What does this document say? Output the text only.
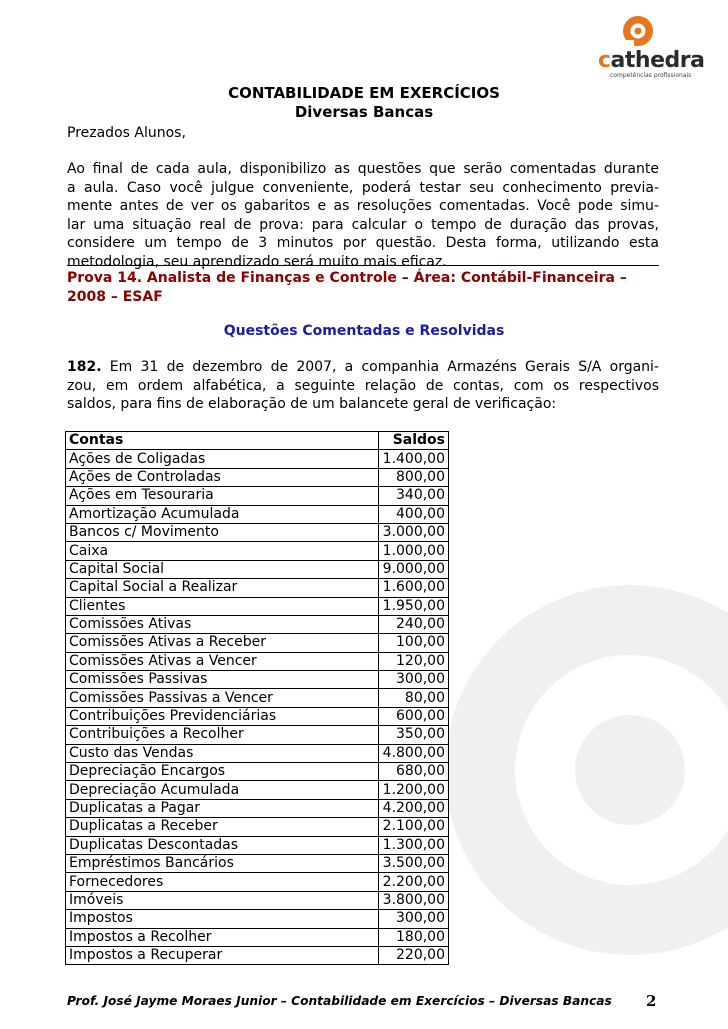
cathedra
competências profissionais
CONTABILIDADE EM EXERCÍCIOS
Diversas Bancas
Prezados Alunos,
Ao final de cada aula, disponibilizo as questões que serão comentadas durante
a aula. Caso você julgue conveniente, poderá testar seu conhecimento previa-
mente antes de ver os gabaritos e as resoluções comentadas. Você pode simu-
lar uma situação real de prova: para calcular o tempo de duração das provas,
considere um tempo de 3 minutos por questão. Desta forma, utilizando esta
metodologia, seu aprendizado será muito mais eficaz.
Prova 14. Analista de Finanças e Controle – Área: Contábil-Financeira –
2008 – ESAF
Questões Comentadas e Resolvidas
182. Em 31 de dezembro de 2007, a companhia Armazéns Gerais S/A organi-
zou, em ordem alfabética, a seguinte relação de contas, com os respectivos
saldos, para fins de elaboração de um balancete geral de verificação:
Contas	Saldos
Ações de Coligadas	1.400,00
Ações de Controladas	800,00
Ações em Tesouraria	340,00
Amortização Acumulada	400,00
Bancos c/ Movimento	3.000,00
Caixa	1.000,00
Capital Social	9.000,00
Capital Social a Realizar	1.600,00
Clientes	1.950,00
Comissões Ativas	240,00
Comissões Ativas a Receber	100,00
Comissões Ativas a Vencer	120,00
Comissões Passivas	300,00
Comissões Passivas a Vencer	80,00
Contribuições Previdenciárias	600,00
Contribuições a Recolher	350,00
Custo das Vendas	4.800,00
Depreciação Encargos	680,00
Depreciação Acumulada	1.200,00
Duplicatas a Pagar	4.200,00
Duplicatas a Receber	2.100,00
Duplicatas Descontadas	1.300,00
Empréstimos Bancários	3.500,00
Fornecedores	2.200,00
Imóveis	3.800,00
Impostos	300,00
Impostos a Recolher	180,00
Impostos a Recuperar	220,00
Prof. José Jayme Moraes Junior – Contabilidade em Exercícios – Diversas Bancas 2
